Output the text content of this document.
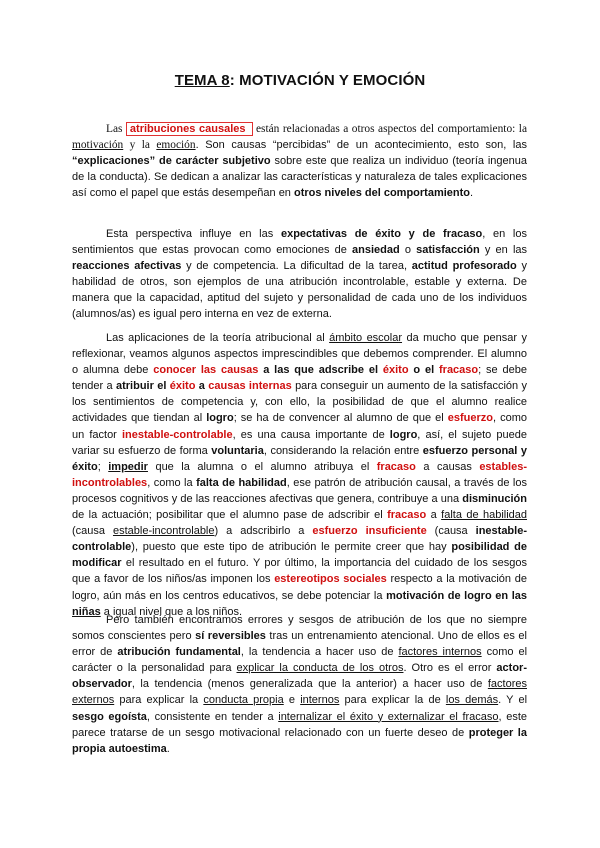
TEMA 8: MOTIVACIÓN Y EMOCIÓN

Las atribuciones causales están relacionadas a otros aspectos del comportamiento: la motivación y la emoción. Son causas “percibidas” de un acontecimiento, esto son, las “explicaciones” de carácter subjetivo sobre este que realiza un individuo (teoría ingenua de la conducta). Se dedican a analizar las características y naturaleza de tales explicaciones así como el papel que estás desempeñan en otros niveles del comportamiento.

Esta perspectiva influye en las expectativas de éxito y de fracaso, en los sentimientos que estas provocan como emociones de ansiedad o satisfacción y en las reacciones afectivas y de competencia. La dificultad de la tarea, actitud profesorado y habilidad de otros, son ejemplos de una atribución incontrolable, estable y externa. De manera que la capacidad, aptitud del sujeto y personalidad de cada uno de los individuos (alumnos/as) es igual pero interna en vez de externa.

Las aplicaciones de la teoría atribucional al ámbito escolar da mucho que pensar y reflexionar, veamos algunos aspectos imprescindibles que debemos comprender. El alumno o alumna debe conocer las causas a las que adscribe el éxito o el fracaso; se debe tender a atribuir el éxito a causas internas para conseguir un aumento de la satisfacción y los sentimientos de competencia y, con ello, la posibilidad de que el alumno realice actividades que tiendan al logro; se ha de convencer al alumno de que el esfuerzo, como un factor inestable-controlable, es una causa importante de logro, así, el sujeto puede variar su esfuerzo de forma voluntaria, considerando la relación entre esfuerzo personal y éxito; impedir que la alumna o el alumno atribuya el fracaso a causas estables-incontrolables, como la falta de habilidad, ese patrón de atribución causal, a través de los procesos cognitivos y de las reacciones afectivas que genera, contribuye a una disminución de la actuación; posibilitar que el alumno pase de adscribir el fracaso a falta de habilidad (causa estable-incontrolable) a adscribirlo a esfuerzo insuficiente (causa inestable-controlable), puesto que este tipo de atribución le permite creer que hay posibilidad de modificar el resultado en el futuro. Y por último, la importancia del cuidado de los sesgos que a favor de los niños/as imponen los estereotipos sociales respecto a la motivación de logro, aún más en los centros educativos, se debe potenciar la motivación de logro en las niñas a igual nivel que a los niños.

Pero también encontramos errores y sesgos de atribución de los que no siempre somos conscientes pero sí reversibles tras un entrenamiento atencional. Uno de ellos es el error de atribución fundamental, la tendencia a hacer uso de factores internos como el carácter o la personalidad para explicar la conducta de los otros. Otro es el error actor-observador, la tendencia (menos generalizada que la anterior) a hacer uso de factores externos para explicar la conducta propia e internos para explicar la de los demás. Y el sesgo egoísta, consistente en tender a internalizar el éxito y externalizar el fracaso, este parece tratarse de un sesgo motivacional relacionado con un fuerte deseo de proteger la propia autoestima.
